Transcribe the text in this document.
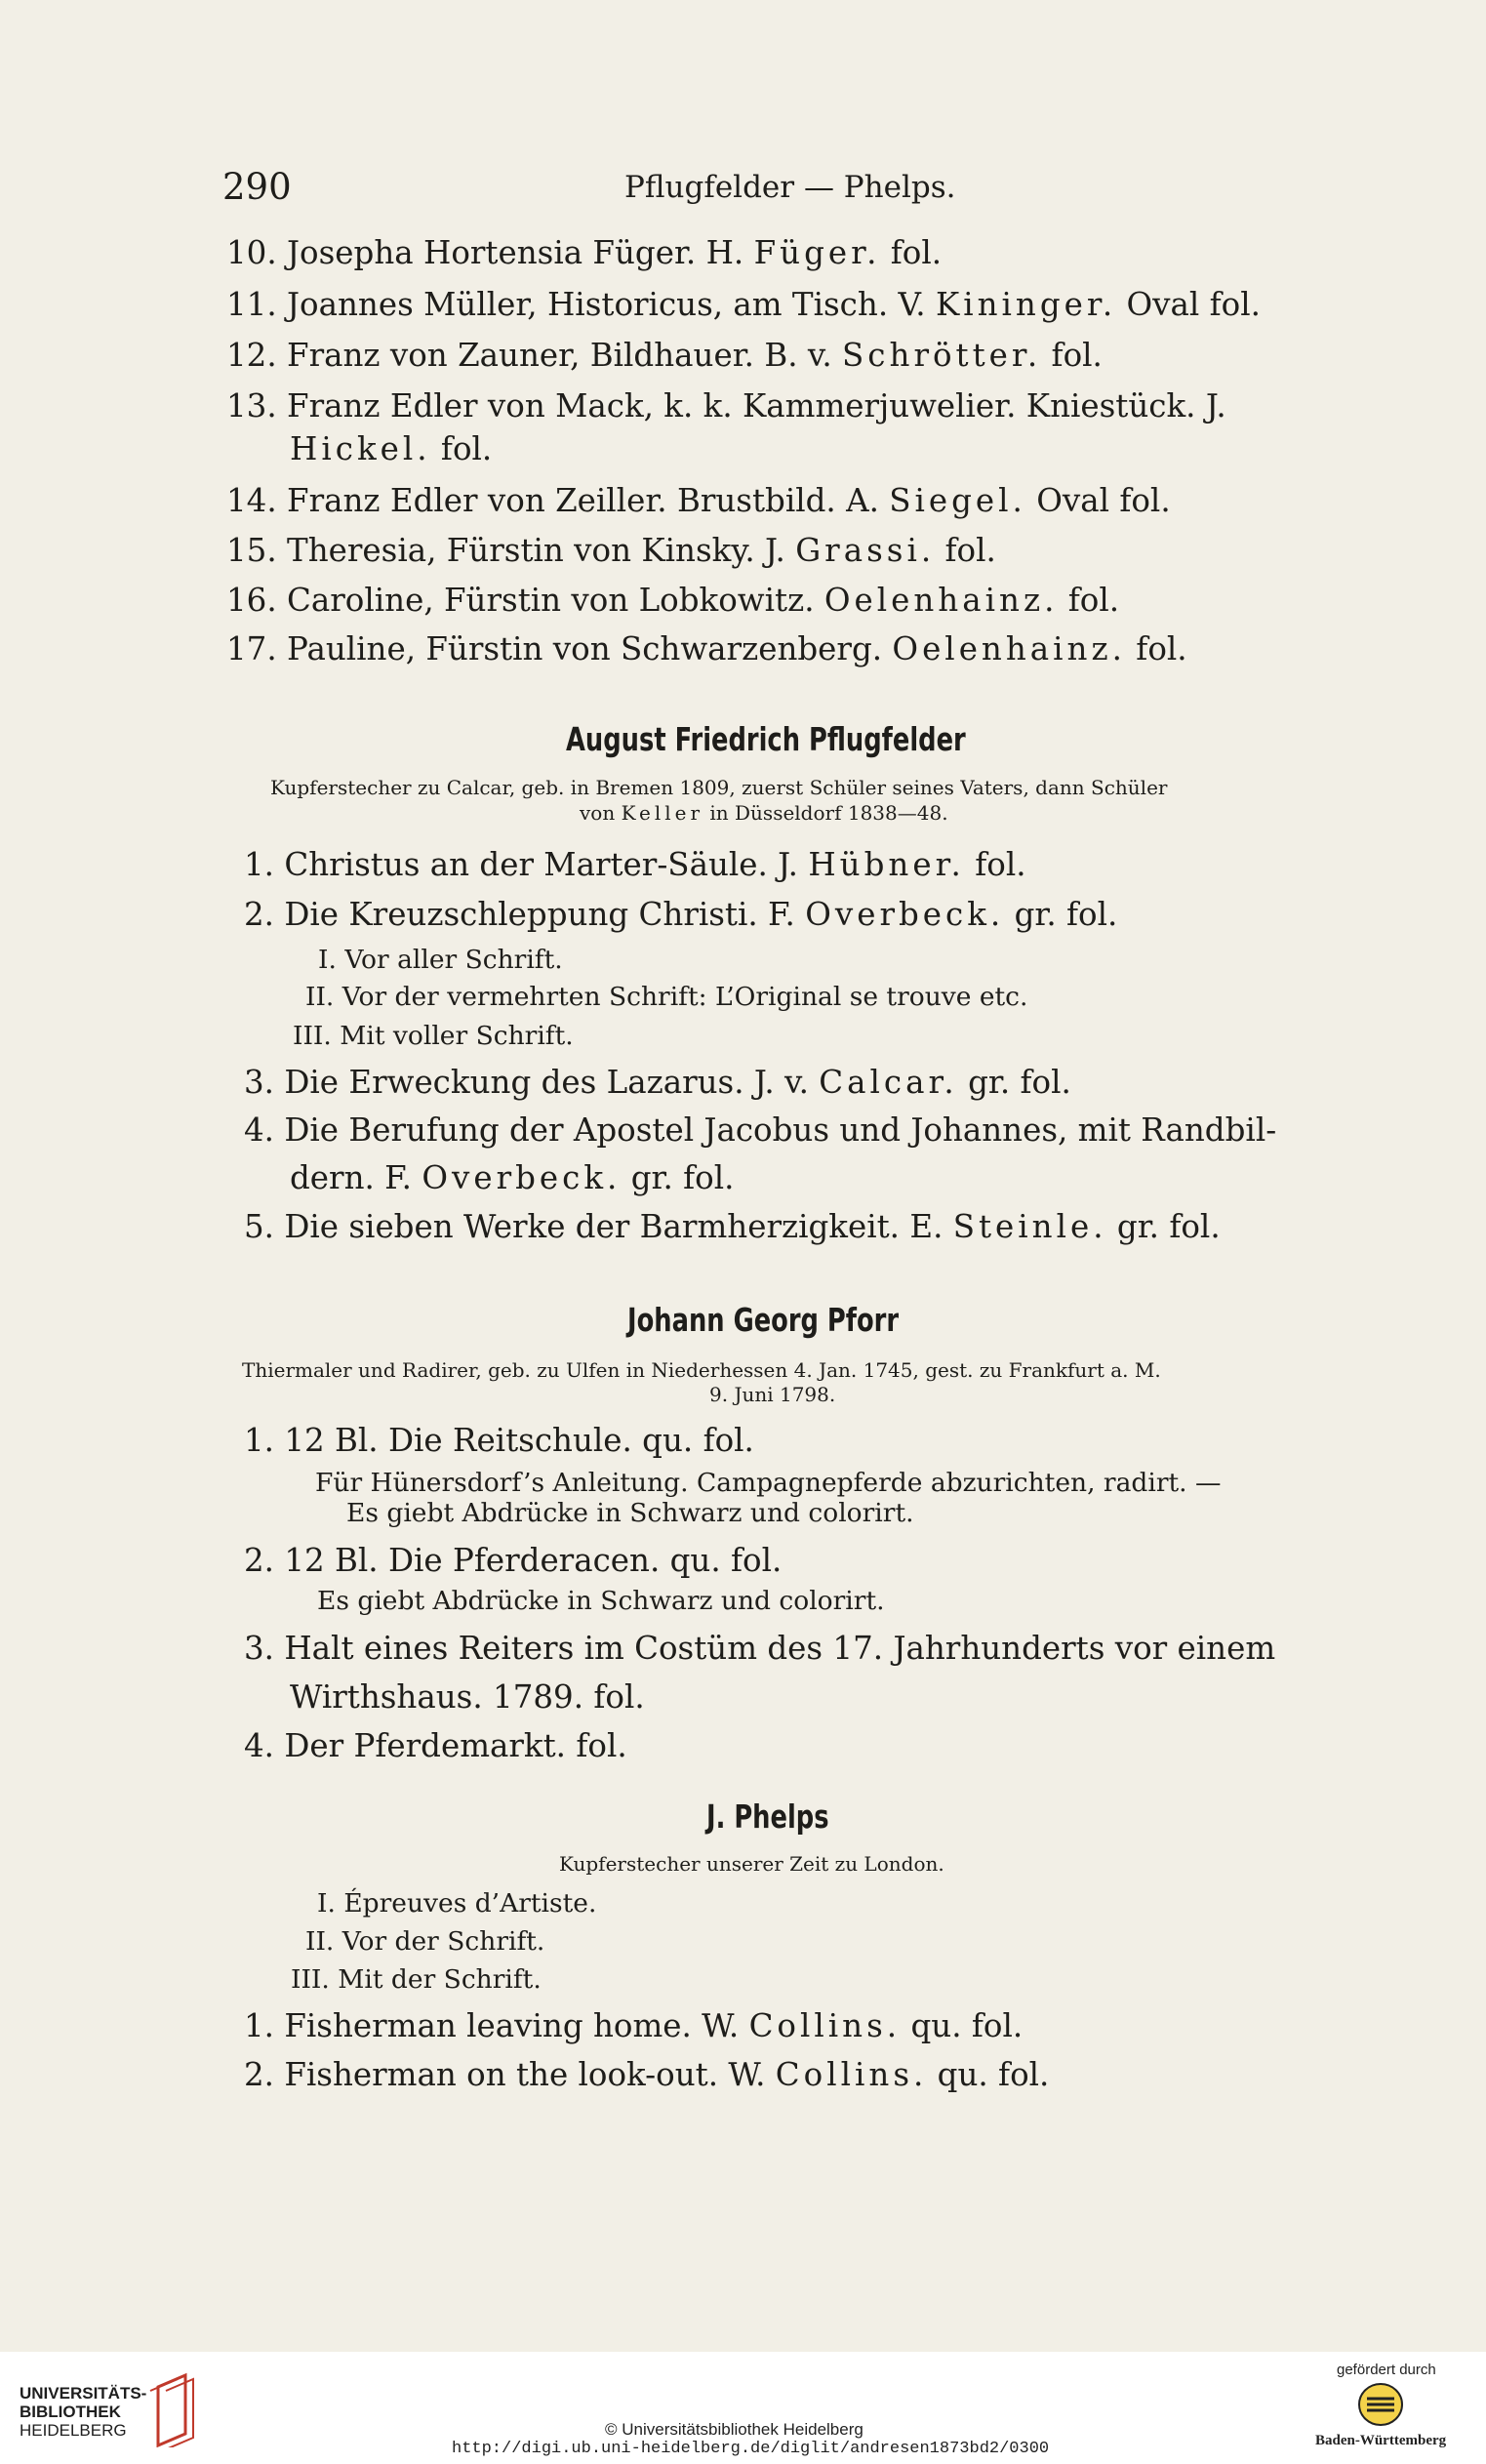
290	Pflugfelder — Phelps.
10. Josepha Hortensia Füger. H. Füger. fol.
11. Joannes Müller, Historicus, am Tisch. V. Kininger. Oval fol.
12. Franz von Zauner, Bildhauer. B. v. Schrötter. fol.
13. Franz Edler von Mack, k. k. Kammerjuwelier. Kniestück. J.
Hickel. fol.
14. Franz Edler von Zeiller. Brustbild. A. Siegel. Oval fol.
15. Theresia, Fürstin von Kinsky. J. Grassi. fol.
16. Caroline, Fürstin von Lobkowitz. Oelenhainz. fol.
17. Pauline, Fürstin von Schwarzenberg. Oelenhainz. fol.
August Friedrich Pflugfelder
Kupferstecher zu Calcar, geb. in Bremen 1809, zuerst Schüler seines Vaters, dann Schüler
von Keller in Düsseldorf 1838—48.
1. Christus an der Marter-Säule. J. Hübner. fol.
2. Die Kreuzschleppung Christi. F. Overbeck. gr. fol.
I. Vor aller Schrift.
II. Vor der vermehrten Schrift: L’Original se trouve etc.
III. Mit voller Schrift.
3. Die Erweckung des Lazarus. J. v. Calcar. gr. fol.
4. Die Berufung der Apostel Jacobus und Johannes, mit Randbil-
dern. F. Overbeck. gr. fol.
5. Die sieben Werke der Barmherzigkeit. E. Steinle. gr. fol.
Johann Georg Pforr
Thiermaler und Radirer, geb. zu Ulfen in Niederhessen 4. Jan. 1745, gest. zu Frankfurt a. M.
9. Juni 1798.
1. 12 Bl. Die Reitschule. qu. fol.
Für Hünersdorf’s Anleitung. Campagnepferde abzurichten, radirt. —
Es giebt Abdrücke in Schwarz und colorirt.
2. 12 Bl. Die Pferderacen. qu. fol.
Es giebt Abdrücke in Schwarz und colorirt.
3. Halt eines Reiters im Costüm des 17. Jahrhunderts vor einem
Wirthshaus. 1789. fol.
4. Der Pferdemarkt. fol.
J. Phelps
Kupferstecher unserer Zeit zu London.
I. Épreuves d’Artiste.
II. Vor der Schrift.
III. Mit der Schrift.
1. Fisherman leaving home. W. Collins. qu. fol.
2. Fisherman on the look-out. W. Collins. qu. fol.
UNIVERSITÄTS-
BIBLIOTHEK
HEIDELBERG	© Universitätsbibliothek Heidelberg
http://digi.ub.uni-heidelberg.de/diglit/andresen1873bd2/0300
gefördert durch
Baden-Württemberg
